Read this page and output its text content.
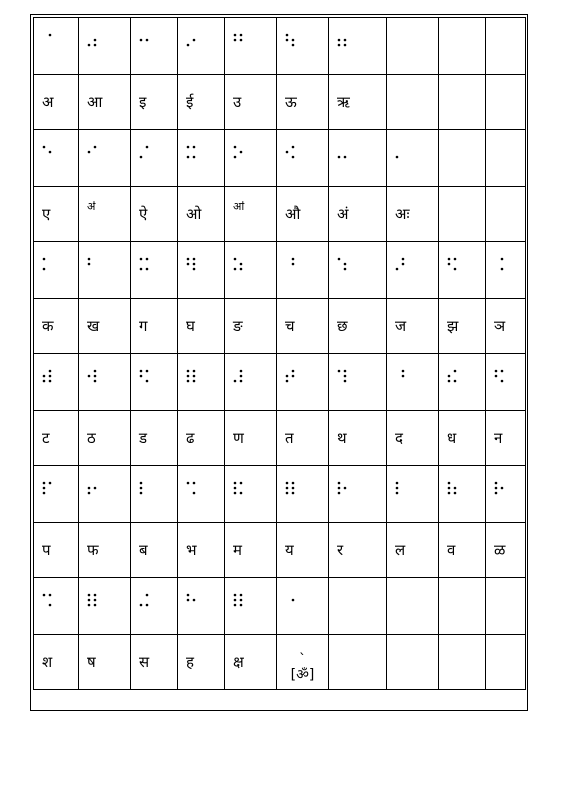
अ	आ	इ	ई	उ	ऊ	ऋ			

ए	ॳ	ऐ	ओ	ॴ	औ	अं	अः		

क	ख	ग	घ	ङ	च	छ	ज	झ	ञ

ट	ठ	ड	ढ	ण	त	थ	द	ध	न

प	फ	ब	भ	म	य	र	ल	व	ळ

श	ष	स	ह	क्ष	`
[ॐ]				
